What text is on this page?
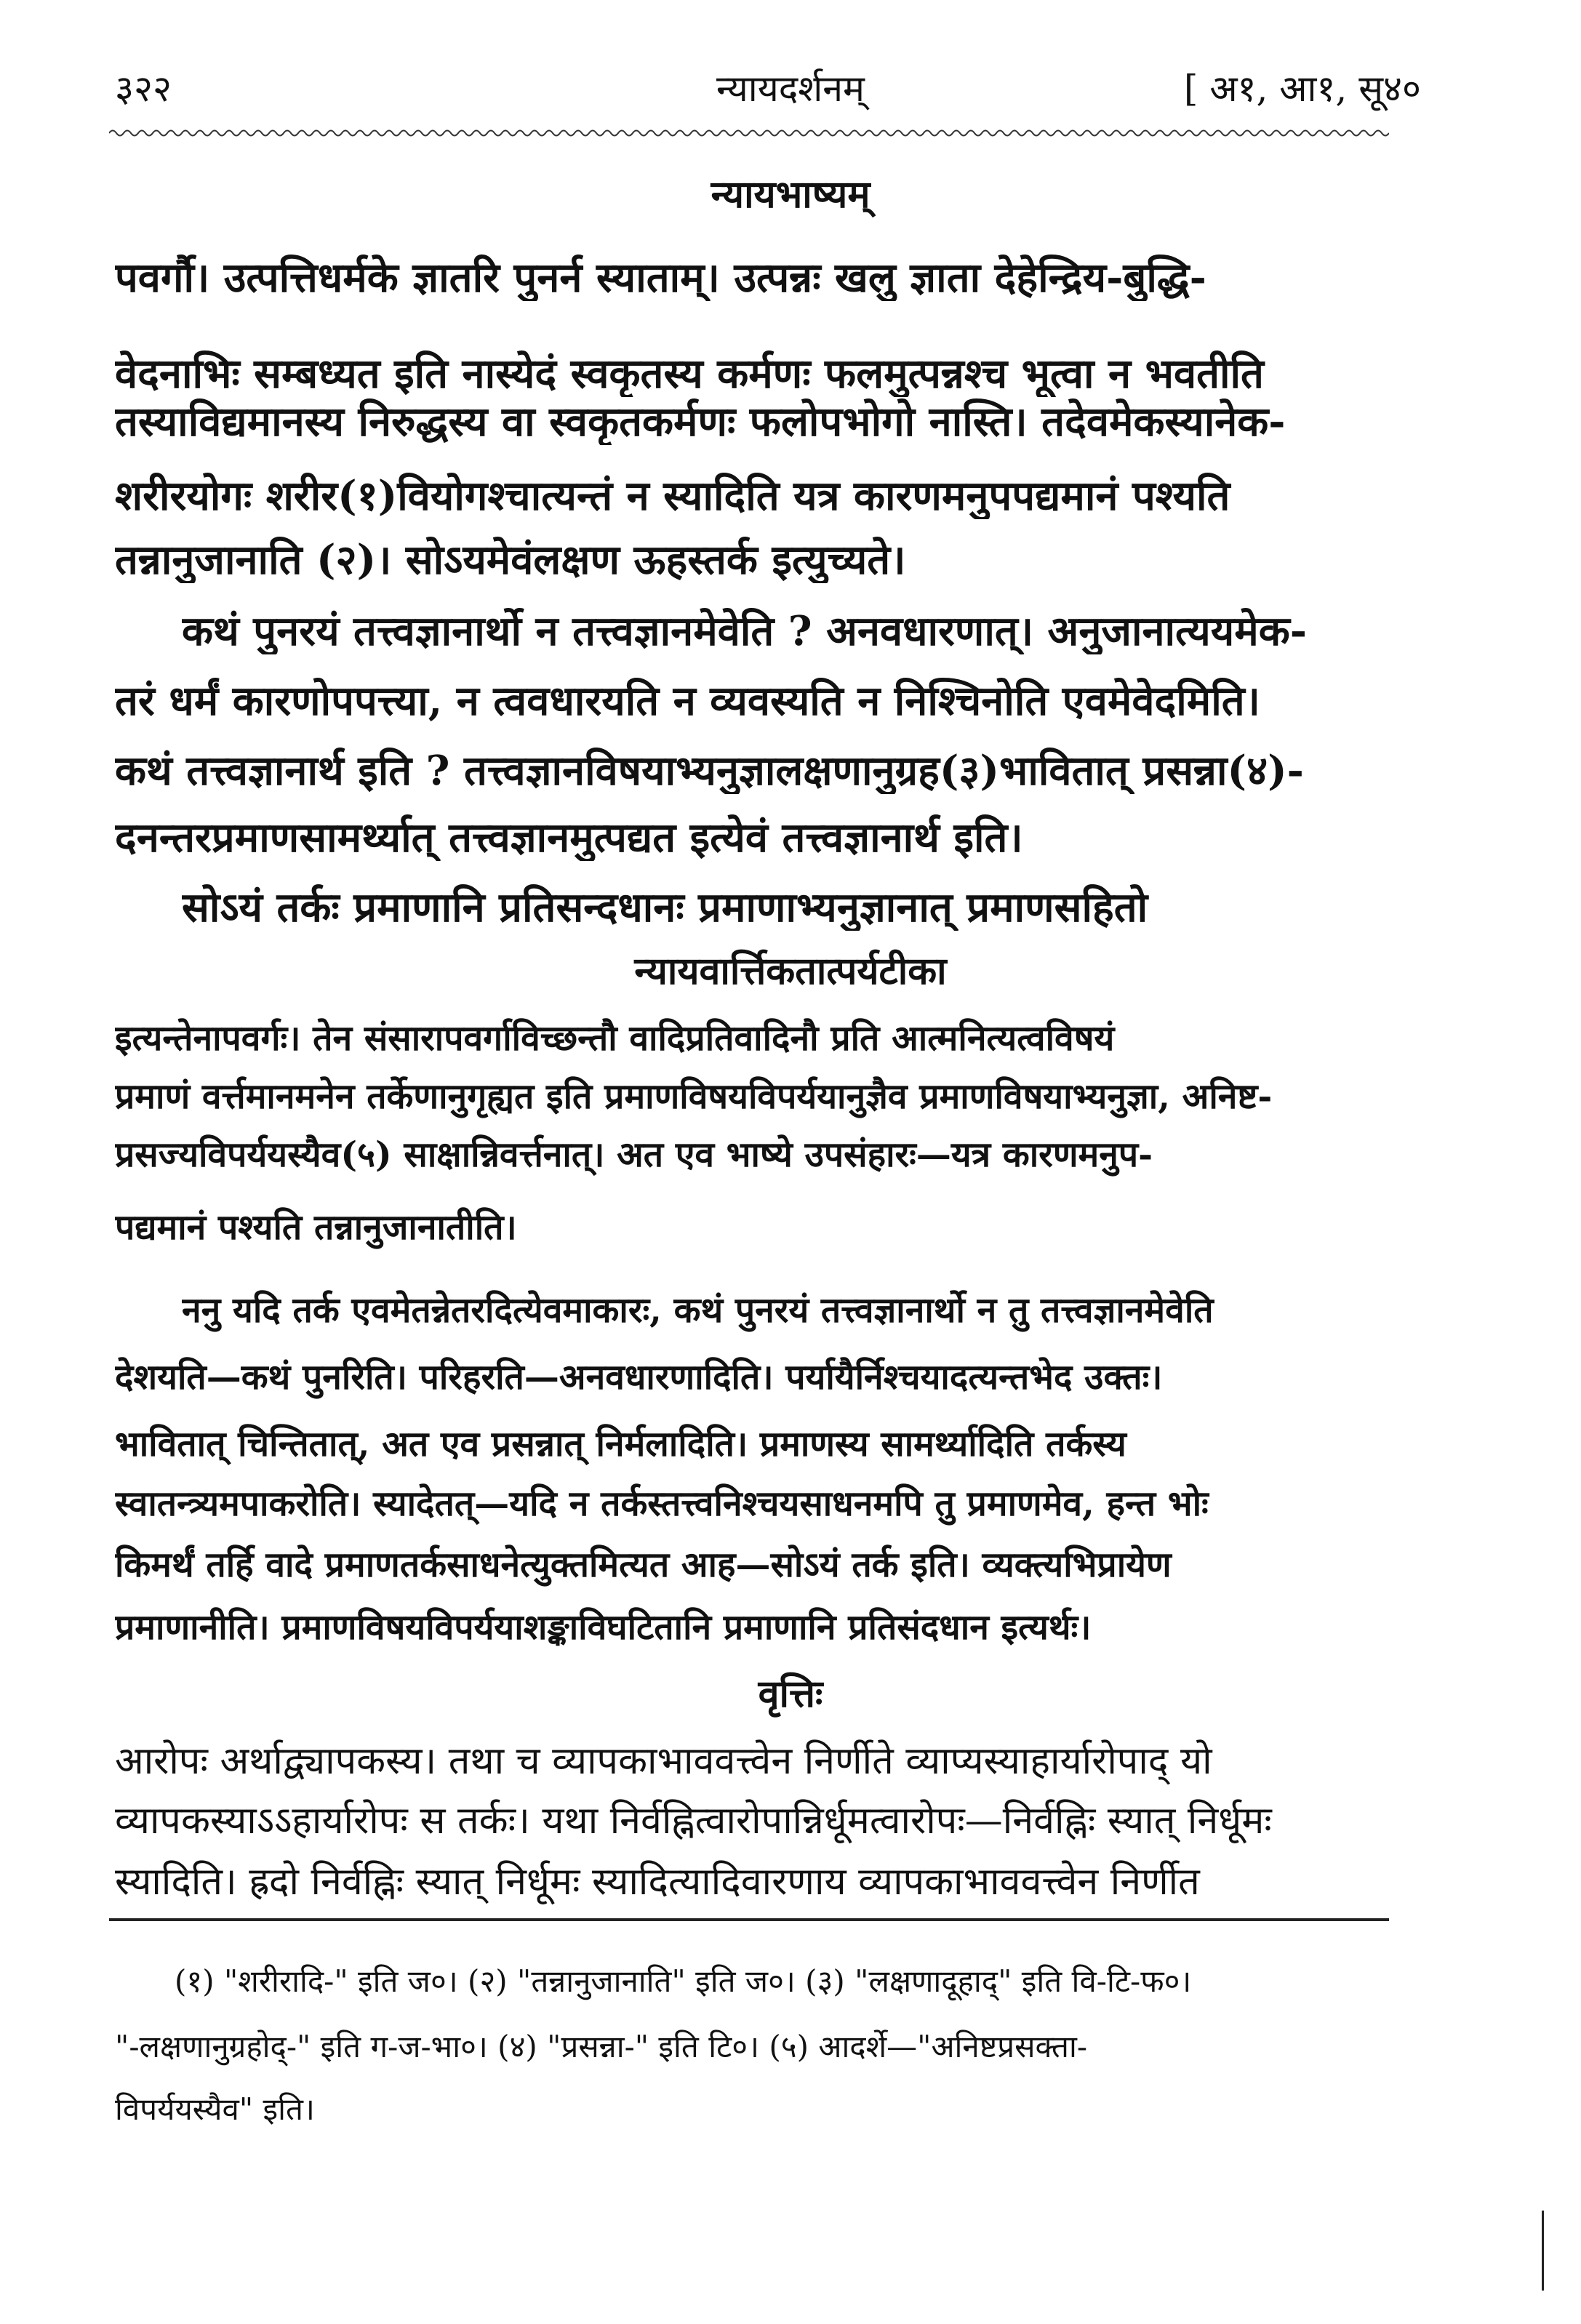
३२२	न्यायदर्शनम्	[ अ१, आ१, सू४०
न्यायभाष्यम्
पवर्गौ। उत्पत्तिधर्मके ज्ञातरि पुनर्न स्याताम्। उत्पन्नः खलु ज्ञाता देहेन्द्रिय-बुद्धि-
वेदनाभिः सम्बध्यत इति नास्येदं स्वकृतस्य कर्मणः फलमुत्पन्नश्च भूत्वा न भवतीति
तस्याविद्यमानस्य निरुद्धस्य वा स्वकृतकर्मणः फलोपभोगो नास्ति। तदेवमेकस्यानेक-
शरीरयोगः शरीर(१)वियोगश्चात्यन्तं न स्यादिति यत्र कारणमनुपपद्यमानं पश्यति
तन्नानुजानाति (२)। सोऽयमेवंलक्षण ऊहस्तर्क इत्युच्यते।
कथं पुनरयं तत्त्वज्ञानार्थो न तत्त्वज्ञानमेवेति ? अनवधारणात्। अनुजानात्ययमेक-
तरं धर्मं कारणोपपत्त्या, न त्ववधारयति न व्यवस्यति न निश्चिनोति एवमेवेदमिति।
कथं तत्त्वज्ञानार्थ इति ? तत्त्वज्ञानविषयाभ्यनुज्ञालक्षणानुग्रह(३)भावितात् प्रसन्ना(४)-
दनन्तरप्रमाणसामर्थ्यात् तत्त्वज्ञानमुत्पद्यत इत्येवं तत्त्वज्ञानार्थ इति।
सोऽयं तर्कः प्रमाणानि प्रतिसन्दधानः प्रमाणाभ्यनुज्ञानात् प्रमाणसहितो
न्यायवार्त्तिकतात्पर्यटीका
इत्यन्तेनापवर्गः। तेन संसारापवर्गाविच्छन्तौ वादिप्रतिवादिनौ प्रति आत्मनित्यत्वविषयं
प्रमाणं वर्त्तमानमनेन तर्केणानुगृह्यत इति प्रमाणविषयविपर्ययानुज्ञैव प्रमाणविषयाभ्यनुज्ञा, अनिष्ट-
प्रसज्यविपर्ययस्यैव(५) साक्षान्निवर्त्तनात्। अत एव भाष्ये उपसंहारः—यत्र कारणमनुप-
पद्यमानं पश्यति तन्नानुजानातीति।
ननु यदि तर्क एवमेतन्नेतरदित्येवमाकारः, कथं पुनरयं तत्त्वज्ञानार्थो न तु तत्त्वज्ञानमेवेति
देशयति—कथं पुनरिति। परिहरति—अनवधारणादिति। पर्यायैर्निश्चयादत्यन्तभेद उक्तः।
भावितात् चिन्तितात्, अत एव प्रसन्नात् निर्मलादिति। प्रमाणस्य सामर्थ्यादिति तर्कस्य
स्वातन्त्र्यमपाकरोति। स्यादेतत्—यदि न तर्कस्तत्त्वनिश्चयसाधनमपि तु प्रमाणमेव, हन्त भोः
किमर्थं तर्हि वादे प्रमाणतर्कसाधनेत्युक्तमित्यत आह—सोऽयं तर्क इति। व्यक्त्यभिप्रायेण
प्रमाणानीति। प्रमाणविषयविपर्ययाशङ्काविघटितानि प्रमाणानि प्रतिसंदधान इत्यर्थः।
वृत्तिः
आरोपः अर्थाद्व्यापकस्य। तथा च व्यापकाभाववत्त्वेन निर्णीते व्याप्यस्याहार्यारोपाद् यो
व्यापकस्याऽऽहार्यारोपः स तर्कः। यथा निर्वह्नित्वारोपान्निर्धूमत्वारोपः—निर्वह्निः स्यात् निर्धूमः
स्यादिति। ह्रदो निर्वह्निः स्यात् निर्धूमः स्यादित्यादिवारणाय व्यापकाभाववत्त्वेन निर्णीत
(१) "शरीरादि-" इति ज०। (२) "तन्नानुजानाति" इति ज०। (३) "लक्षणादूहाद्" इति वि-टि-फ०।
"-लक्षणानुग्रहोद्-" इति ग-ज-भा०। (४) "प्रसन्ना-" इति टि०। (५) आदर्शे—"अनिष्टप्रसक्ता-
विपर्ययस्यैव" इति।
